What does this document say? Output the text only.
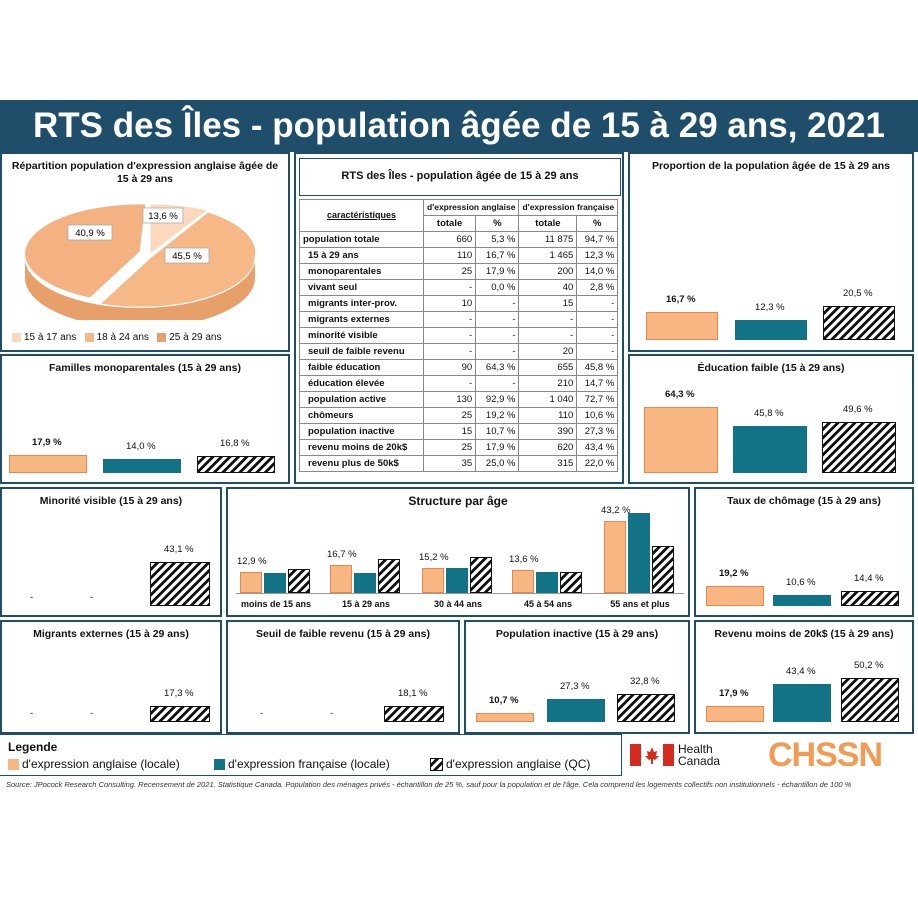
RTS des Îles - population âgée de 15 à 29 ans, 2021
Répartition population d'expression anglaise âgée de 15 à 29 ans
13,6 %
45,5 %
40,9 %
15 à 17 ans 18 à 24 ans 25 à 29 ans
RTS des Îles - population âgée de 15 à 29 ans
caractéristiques	d'expression anglaise		d'expression française	
	totale	%	totale	%
population totale	660	5,3 %	11 875	94,7 %
15 à 29 ans	110	16,7 %	1 465	12,3 %
monoparentales	25	17,9 %	200	14,0 %
vivant seul	-	0,0 %	40	2,8 %
migrants inter-prov.	10	-	15	-
migrants externes	-	-	-	-
minorité visible	-	-	-	-
seuil de faible revenu	-	-	20	-
faible éducation	90	64,3 %	655	45,8 %
éducation élevée	-	-	210	14,7 %
population active	130	92,9 %	1 040	72,7 %
chômeurs	25	19,2 %	110	10,6 %
population inactive	15	10,7 %	390	27,3 %
revenu moins de 20k$	25	17,9 %	620	43,4 %
revenu plus de 50k$	35	25,0 %	315	22,0 %
Proportion de la population âgée de 15 à 29 ans
Familles monoparentales (15 à 29 ans)	Éducation faible (15 à 29 ans)
Minorité visible (15 à 29 ans)	Structure par âge	Taux de chômage (15 à 29 ans)
Migrants externes (15 à 29 ans)	Seuil de faible revenu (15 à 29 ans)	Population inactive (15 à 29 ans)	Revenu moins de 20k$ (15 à 29 ans)
16,7 %
12,3 %
20,5 %
17,9 %	14,0 %	16,8 %
64,3 %
45,8 %	49,6 %
-	-
43,1 %
19,2 %
10,6 %	14,4 %
-	-
17,3 %
-	-
18,1 %
10,7 %
27,3 %	32,8 %
17,9 %
43,4 %
50,2 %
12,9 %
moins de 15 ans
16,7 %
15 à 29 ans
15,2 %
30 à 44 ans
13,6 %
45 à 54 ans
43,2 %
55 ans et plus
Legende
d'expression anglaise (locale)	d'expression française (locale)	d'expression anglaise (QC)
Health
Canada CHSSN
Source: JPocock Research Consulting. Recensement de 2021. Statistique Canada. Population des ménages privés - échantillon de 25 %, sauf pour la population et de l'âge. Cela comprend les logements collectifs non institutionnels - échantillon de 100 %
